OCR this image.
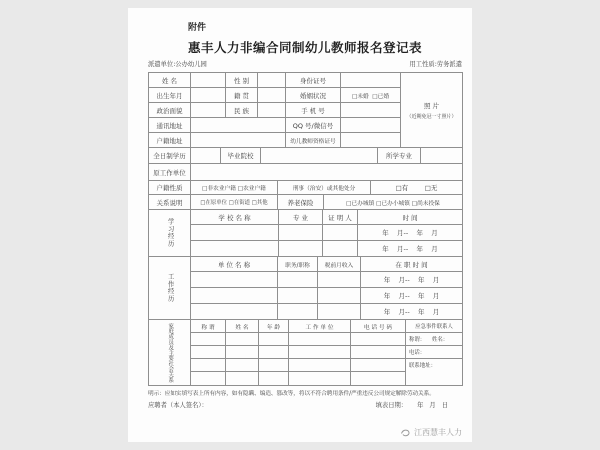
附件
惠丰人力非编合同制幼儿教师报名登记表
派遣单位:公办幼儿园	用工性质:劳务派遣
姓 名	性 别	身份证号
出生年月	籍 贯	婚姻状况	□未婚  □已婚
政治面貌	民 族	手 机 号
通讯地址	QQ 号/微信号
户籍地址	幼儿教师资格证号
照 片
（近期免冠一寸照片）
全日制学历	毕业院校	所学专业
原工作单位
户籍性质	□非农业户籍 □农业户籍	刑事（治安）或其他处分	□有        □无
关系说明	□在原单位 □在街道 □其他	养老保险	□已办城镇 □已办小城镇 □尚未投保
学习经历
学 校 名 称	专 业	证 明 人	时 间
年    月--    年    月
年    月--    年    月
工作经历
单 位 名 称	职务/职称	税前月收入	在 职 时 间
年    月--    年    月
年    月--    年    月
年    月--    年    月
家庭成员及主要社会关系	称 谓	姓 名	年 龄	工 作 单 位	电 话 号 码	应急事件联系人
称谓：    姓名：
电话：
联系地址：
明示：应如实填写表上所有内容，如有隐瞒、编造、篡改等，将以不符合聘用条件/严重违反公司规定解除劳动关系。
应聘者（本人签名）：	填表日期： 年   月   日
江西慧丰人力
